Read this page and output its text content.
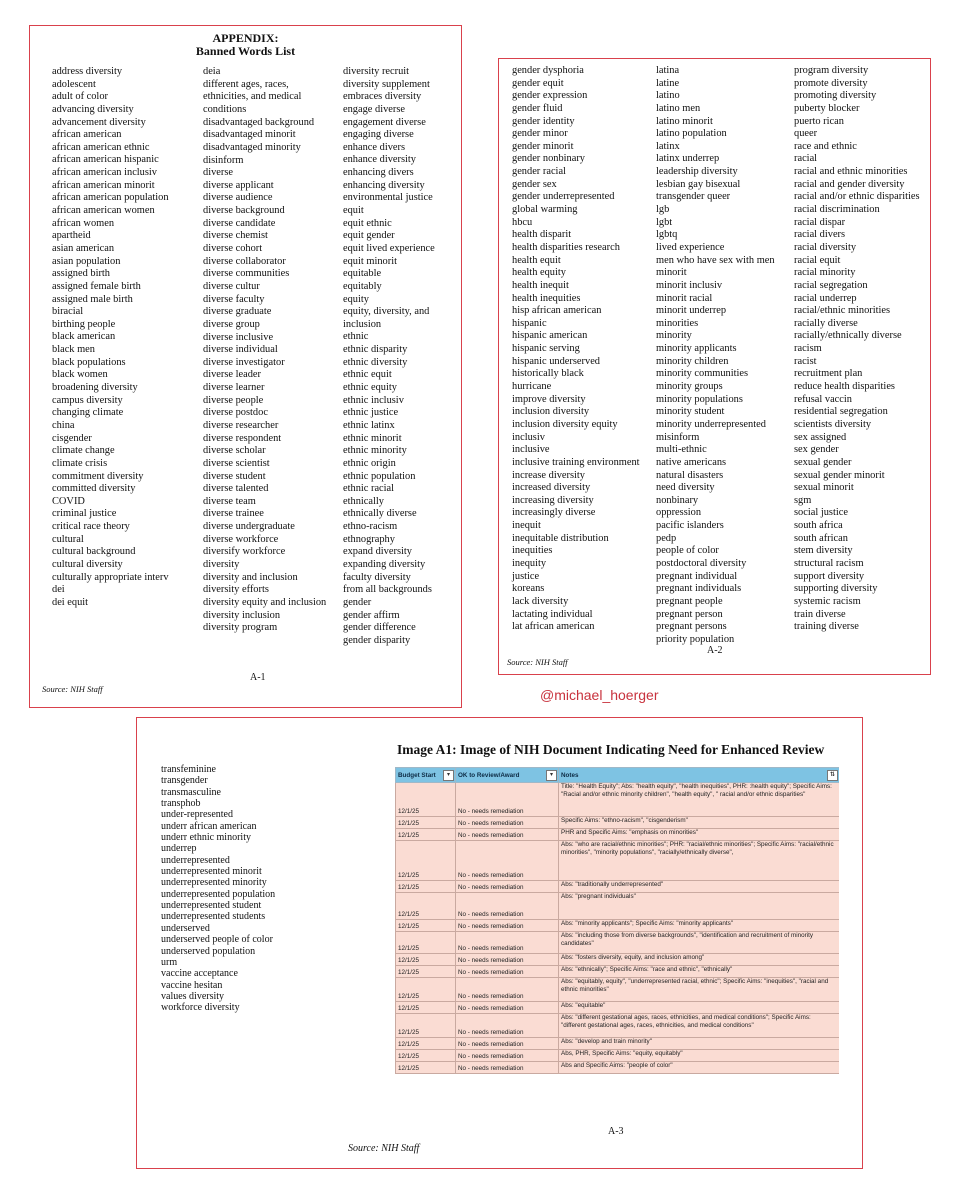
APPENDIX:
Banned Words List
address diversity
adolescent
adult of color
advancing diversity
advancement diversity
african american
african american ethnic
african american hispanic
african american inclusiv
african american minorit
african american population
african american women
african women
apartheid
asian american
asian population
assigned birth
assigned female birth
assigned male birth
biracial
birthing people
black american
black men
black populations
black women
broadening diversity
campus diversity
changing climate
china
cisgender
climate change
climate crisis
commitment diversity
committed diversity
COVID
criminal justice
critical race theory
cultural
cultural background
cultural diversity
culturally appropriate interv
dei
dei equit
deia
different ages, races, ethnicities, and medical conditions
disadvantaged background
disadvantaged minorit
disadvantaged minority
disinform
diverse
diverse applicant
diverse audience
diverse background
diverse candidate
diverse chemist
diverse cohort
diverse collaborator
diverse communities
diverse cultur
diverse faculty
diverse graduate
diverse group
diverse inclusive
diverse individual
diverse investigator
diverse leader
diverse learner
diverse people
diverse postdoc
diverse researcher
diverse respondent
diverse scholar
diverse scientist
diverse student
diverse talented
diverse team
diverse trainee
diverse undergraduate
diverse workforce
diversify workforce
diversity
diversity and inclusion
diversity efforts
diversity equity and inclusion
diversity inclusion
diversity program
diversity recruit
diversity supplement
embraces diversity
engage diverse
engagement diverse
engaging diverse
enhance divers
enhance diversity
enhancing divers
enhancing diversity
environmental justice
equit
equit ethnic
equit gender
equit lived experience
equit minorit
equitable
equitably
equity
equity, diversity, and inclusion
ethnic
ethnic disparity
ethnic diversity
ethnic equit
ethnic equity
ethnic inclusiv
ethnic justice
ethnic latinx
ethnic minorit
ethnic minority
ethnic origin
ethnic population
ethnic racial
ethnically
ethnically diverse
ethno-racism
ethnography
expand diversity
expanding diversity
faculty diversity
from all backgrounds
gender
gender affirm
gender difference
gender disparity
A-1
Source: NIH Staff
gender dysphoria
gender equit
gender expression
gender fluid
gender identity
gender minor
gender minorit
gender nonbinary
gender racial
gender sex
gender underrepresented
global warming
hbcu
health disparit
health disparities research
health equit
health equity
health inequit
health inequities
hisp african american
hispanic
hispanic american
hispanic serving
hispanic underserved
historically black
hurricane
improve diversity
inclusion diversity
inclusion diversity equity
inclusiv
inclusive
inclusive training environment
increase diversity
increased diversity
increasing diversity
increasingly diverse
inequit
inequitable distribution
inequities
inequity
justice
koreans
lack diversity
lactating individual
lat african american
latina
latine
latino
latino men
latino minorit
latino population
latinx
latinx underrep
leadership diversity
lesbian gay bisexual
transgender queer
lgb
lgbt
lgbtq
lived experience
men who have sex with men
minorit
minorit inclusiv
minorit racial
minorit underrep
minorities
minority
minority applicants
minority children
minority communities
minority groups
minority populations
minority student
minority underrepresented
misinform
multi-ethnic
native americans
natural disasters
need diversity
nonbinary
oppression
pacific islanders
pedp
people of color
postdoctoral diversity
pregnant individual
pregnant individuals
pregnant people
pregnant person
pregnant persons
priority population
program diversity
promote diversity
promoting diversity
puberty blocker
puerto rican
queer
race and ethnic
racial
racial and ethnic minorities
racial and gender diversity
racial and/or ethnic disparities
racial discrimination
racial dispar
racial divers
racial diversity
racial equit
racial minority
racial segregation
racial underrep
racial/ethnic minorities
racially diverse
racially/ethnically diverse
racism
racist
recruitment plan
reduce health disparities
refusal vaccin
residential segregation
scientists diversity
sex assigned
sex gender
sexual gender
sexual gender minorit
sexual minorit
sgm
social justice
south africa
south african
stem diversity
structural racism
support diversity
supporting diversity
systemic racism
train diverse
training diverse
A-2
Source: NIH Staff
@michael_hoerger
transfeminine
transgender
transmasculine
transphob
under-represented
underr african american
underr ethnic minority
underrep
underrepresented
underrepresented minorit
underrepresented minority
underrepresented population
underrepresented student
underrepresented students
underserved
underserved people of color
underserved population
urm
vaccine acceptance
vaccine hesitan
values diversity
workforce diversity
Image A1: Image of NIH Document Indicating Need for Enhanced Review
Budget Start ▾	OK to Review/Award ▾	Notes ⇅

12/1/25	No - needs remediation	Title: "Health Equity"; Abs: "health equity", "health inequities", PHR: :health equity"; Specific Aims: "Racial and/or ethnic minority children", "health equity", " racial and/or ethnic disparities"
12/1/25	No - needs remediation	Specific Aims: "ethno-racism", "cisgenderism"
12/1/25	No - needs remediation	PHR and Specific Aims: "emphasis on minorities"
12/1/25	No - needs remediation	Abs: "who are racial/ethnic minorities"; PHR: "racial/ethnic minorities"; Specific Aims: "racial/ethnic minorities", "minority populations", "racially/ethnically diverse",
12/1/25	No - needs remediation	Abs: "traditionally underrepresented"
12/1/25	No - needs remediation	Abs: "pregnant individuals"
12/1/25	No - needs remediation	Abs: "minority applicants"; Specific Aims: "minority applicants"
12/1/25	No - needs remediation	Abs: "including those from diverse backgrounds", "identification and recruitment of minority candidates"
12/1/25	No - needs remediation	Abs: "fosters diversity, equity, and inclusion among"
12/1/25	No - needs remediation	Abs: "ethnically"; Specific Aims: "race and ethnic", "ethnically"
12/1/25	No - needs remediation	Abs: "equitably, equity", "underrepresented racial, ethnic"; Specific Aims: "inequities", "racial and ethnic minorities"
12/1/25	No - needs remediation	Abs: "equitable"
12/1/25	No - needs remediation	Abs: "different gestational ages, races, ethnicities, and medical conditions"; Specific Aims: "different gestational ages, races, ethnicities, and medical conditions"
12/1/25	No - needs remediation	Abs: "develop and train minority"
12/1/25	No - needs remediation	Abs, PHR, Specific Aims: "equity, equitably"
12/1/25	No - needs remediation	Abs and Specific Aims: "people of color"
A-3
Source: NIH Staff
